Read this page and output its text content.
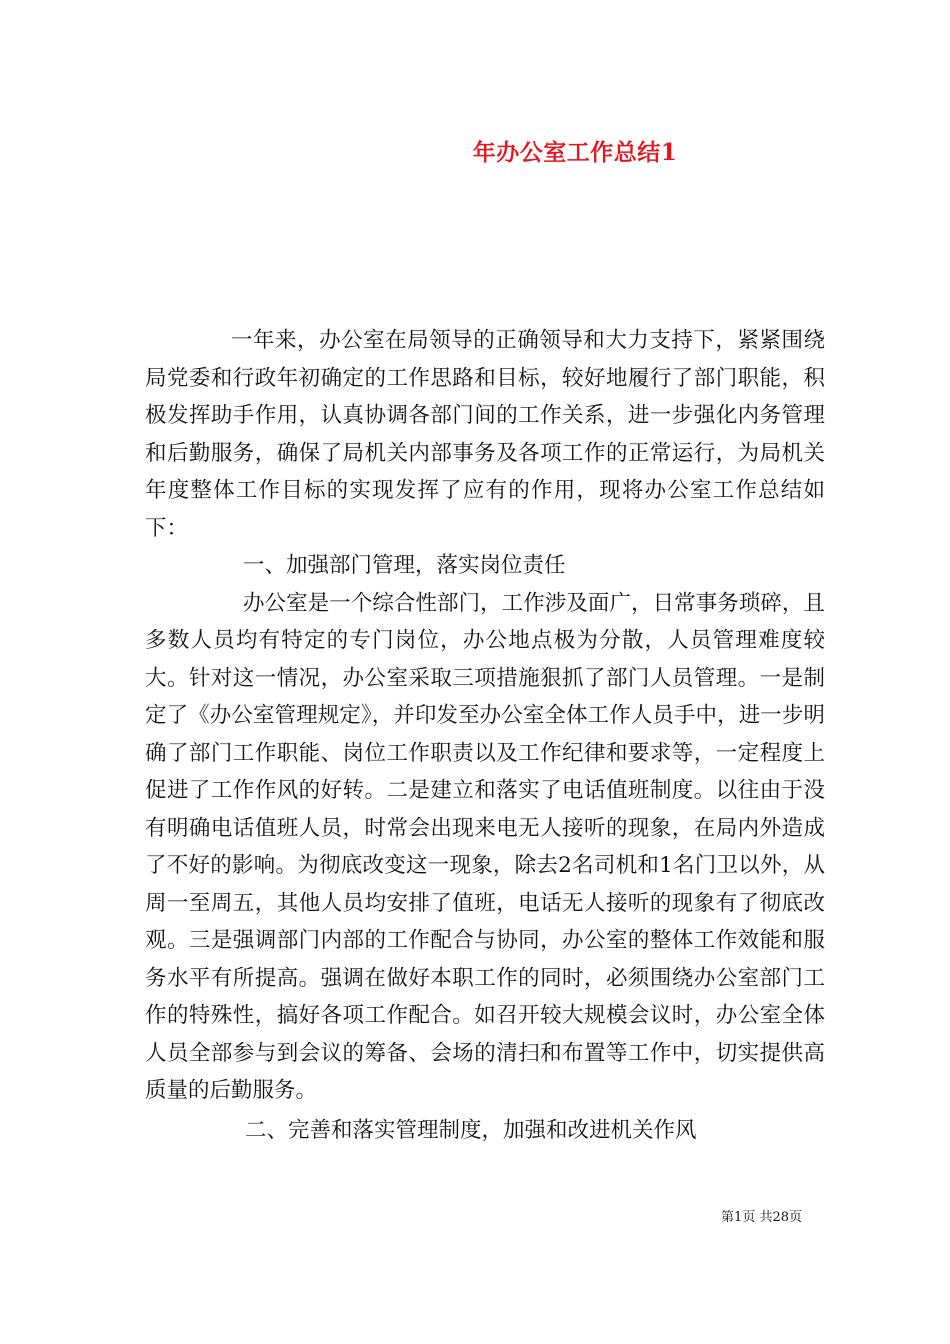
年办公室工作总结1

一年来，办公室在局领导的正确领导和大力支持下，紧紧围绕局党委和行政年初确定的工作思路和目标，较好地履行了部门职能，积极发挥助手作用，认真协调各部门间的工作关系，进一步强化内务管理和后勤服务，确保了局机关内部事务及各项工作的正常运行，为局机关年度整体工作目标的实现发挥了应有的作用，现将办公室工作总结如下：

一、加强部门管理，落实岗位责任

办公室是一个综合性部门，工作涉及面广，日常事务琐碎，且多数人员均有特定的专门岗位，办公地点极为分散，人员管理难度较大。针对这一情况，办公室采取三项措施狠抓了部门人员管理。一是制定了《办公室管理规定》，并印发至办公室全体工作人员手中，进一步明确了部门工作职能、岗位工作职责以及工作纪律和要求等，一定程度上促进了工作作风的好转。二是建立和落实了电话值班制度。以往由于没有明确电话值班人员，时常会出现来电无人接听的现象，在局内外造成了不好的影响。为彻底改变这一现象，除去2名司机和1名门卫以外，从周一至周五，其他人员均安排了值班，电话无人接听的现象有了彻底改观。三是强调部门内部的工作配合与协同，办公室的整体工作效能和服务水平有所提高。强调在做好本职工作的同时，必须围绕办公室部门工作的特殊性，搞好各项工作配合。如召开较大规模会议时，办公室全体人员全部参与到会议的筹备、会场的清扫和布置等工作中，切实提供高质量的后勤服务。

二、完善和落实管理制度，加强和改进机关作风

第1页 共28页
